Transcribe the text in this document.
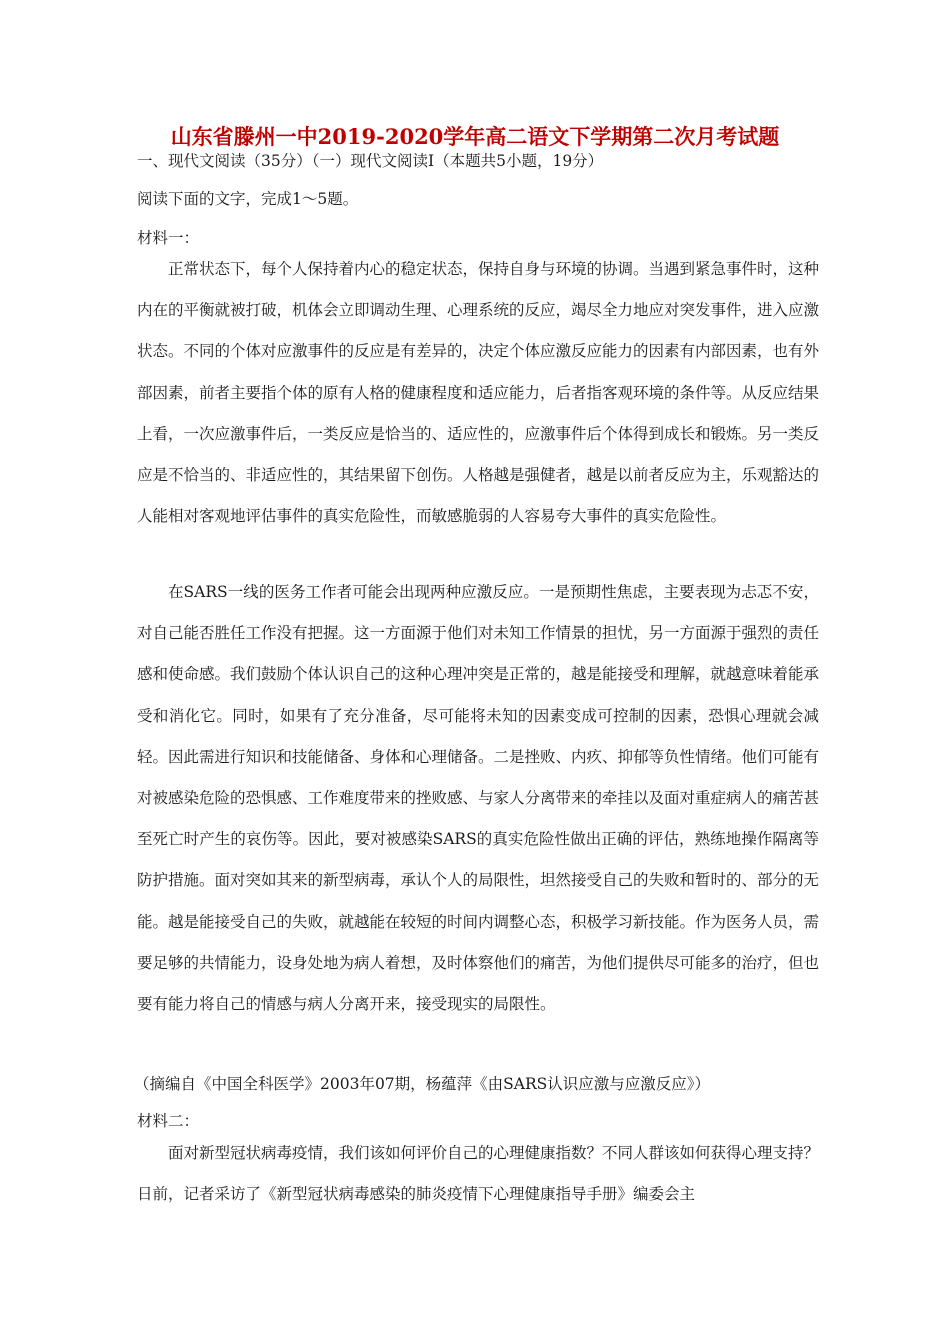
山东省滕州一中2019-2020学年高二语文下学期第二次月考试题
一、现代文阅读（35分）（一）现代文阅读Ⅰ（本题共5小题，19分）
阅读下面的文字，完成1～5题。
材料一：
正常状态下，每个人保持着内心的稳定状态，保持自身与环境的协调。当遇到紧急事件时，这种内在的平衡就被打破，机体会立即调动生理、心理系统的反应，竭尽全力地应对突发事件，进入应激状态。不同的个体对应激事件的反应是有差异的，决定个体应激反应能力的因素有内部因素，也有外部因素，前者主要指个体的原有人格的健康程度和适应能力，后者指客观环境的条件等。从反应结果上看，一次应激事件后，一类反应是恰当的、适应性的，应激事件后个体得到成长和锻炼。另一类反应是不恰当的、非适应性的，其结果留下创伤。人格越是强健者，越是以前者反应为主，乐观豁达的人能相对客观地评估事件的真实危险性，而敏感脆弱的人容易夸大事件的真实危险性。
在SARS一线的医务工作者可能会出现两种应激反应。一是预期性焦虑，主要表现为忐忑不安，对自己能否胜任工作没有把握。这一方面源于他们对未知工作情景的担忧，另一方面源于强烈的责任感和使命感。我们鼓励个体认识自己的这种心理冲突是正常的，越是能接受和理解，就越意味着能承受和消化它。同时，如果有了充分准备，尽可能将未知的因素变成可控制的因素，恐惧心理就会减轻。因此需进行知识和技能储备、身体和心理储备。二是挫败、内疚、抑郁等负性情绪。他们可能有对被感染危险的恐惧感、工作难度带来的挫败感、与家人分离带来的牵挂以及面对重症病人的痛苦甚至死亡时产生的哀伤等。因此，要对被感染SARS的真实危险性做出正确的评估，熟练地操作隔离等防护措施。面对突如其来的新型病毒，承认个人的局限性，坦然接受自己的失败和暂时的、部分的无能。越是能接受自己的失败，就越能在较短的时间内调整心态，积极学习新技能。作为医务人员，需要足够的共情能力，设身处地为病人着想，及时体察他们的痛苦，为他们提供尽可能多的治疗，但也要有能力将自己的情感与病人分离开来，接受现实的局限性。
（摘编自《中国全科医学》2003年07期，杨蕴萍《由SARS认识应激与应激反应》）
材料二：
面对新型冠状病毒疫情，我们该如何评价自己的心理健康指数？不同人群该如何获得心理支持？日前，记者采访了《新型冠状病毒感染的肺炎疫情下心理健康指导手册》编委会主
